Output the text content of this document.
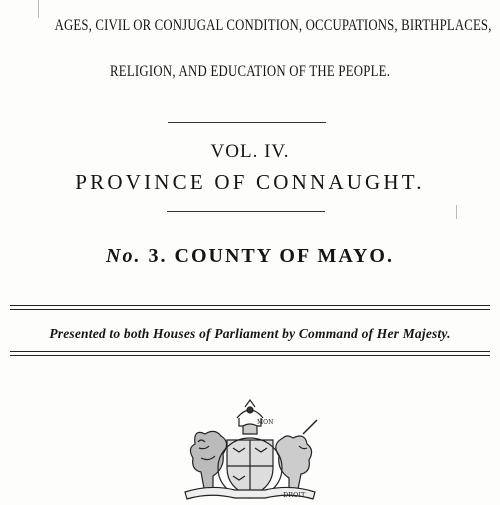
AGES, CIVIL OR CONJUGAL CONDITION, OCCUPATIONS, BIRTHPLACES,
RELIGION, AND EDUCATION OF THE PEOPLE.
VOL. IV.
PROVINCE OF CONNAUGHT.
No. 3. COUNTY OF MAYO.
Presented to both Houses of Parliament by Command of Her Majesty.
MON
DROIT
